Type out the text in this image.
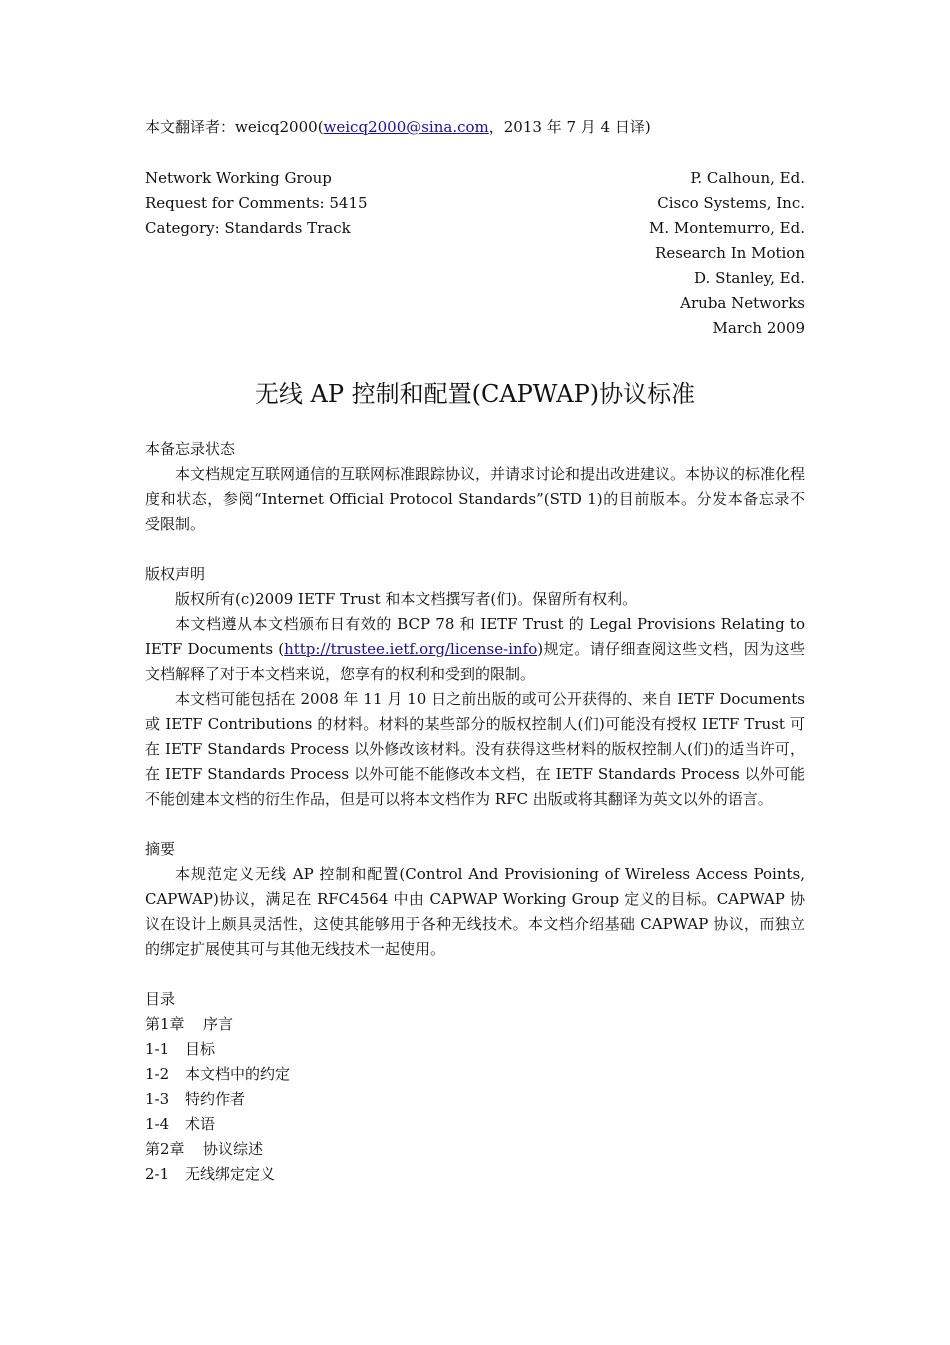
本文翻译者：weicq2000(weicq2000@sina.com，2013 年 7 月 4 日译)

Network Working Group
Request for Comments: 5415
Category: Standards Track
P. Calhoun, Ed.
Cisco Systems, Inc.
M. Montemurro, Ed.
Research In Motion
D. Stanley, Ed.
Aruba Networks
March 2009
无线 AP 控制和配置(CAPWAP)协议标准

本备忘录状态

本文档规定互联网通信的互联网标准跟踪协议，并请求讨论和提出改进建议。本协议的标准化程度和状态，参阅“Internet Official Protocol Standards”(STD 1)的目前版本。分发本备忘录不受限制。

版权声明

版权所有(c)2009 IETF Trust 和本文档撰写者(们)。保留所有权利。

本文档遵从本文档颁布日有效的 BCP 78 和 IETF Trust 的 Legal Provisions Relating to IETF Documents (http://trustee.ietf.org/license-info)规定。请仔细查阅这些文档，因为这些文档解释了对于本文档来说，您享有的权利和受到的限制。

本文档可能包括在 2008 年 11 月 10 日之前出版的或可公开获得的、来自 IETF Documents 或 IETF Contributions 的材料。材料的某些部分的版权控制人(们)可能没有授权 IETF Trust 可在 IETF Standards Process 以外修改该材料。没有获得这些材料的版权控制人(们)的适当许可，在 IETF Standards Process 以外可能不能修改本文档，在 IETF Standards Process 以外可能不能创建本文档的衍生作品，但是可以将本文档作为 RFC 出版或将其翻译为英文以外的语言。

摘要

本规范定义无线 AP 控制和配置(Control And Provisioning of Wireless Access Points, CAPWAP)协议，满足在 RFC4564 中由 CAPWAP Working Group 定义的目标。CAPWAP 协议在设计上颇具灵活性，这使其能够用于各种无线技术。本文档介绍基础 CAPWAP 协议，而独立的绑定扩展使其可与其他无线技术一起使用。

目录

第1章 序言
1-1 目标
1-2 本文档中的约定
1-3 特约作者
1-4 术语
第2章 协议综述
2-1 无线绑定定义
